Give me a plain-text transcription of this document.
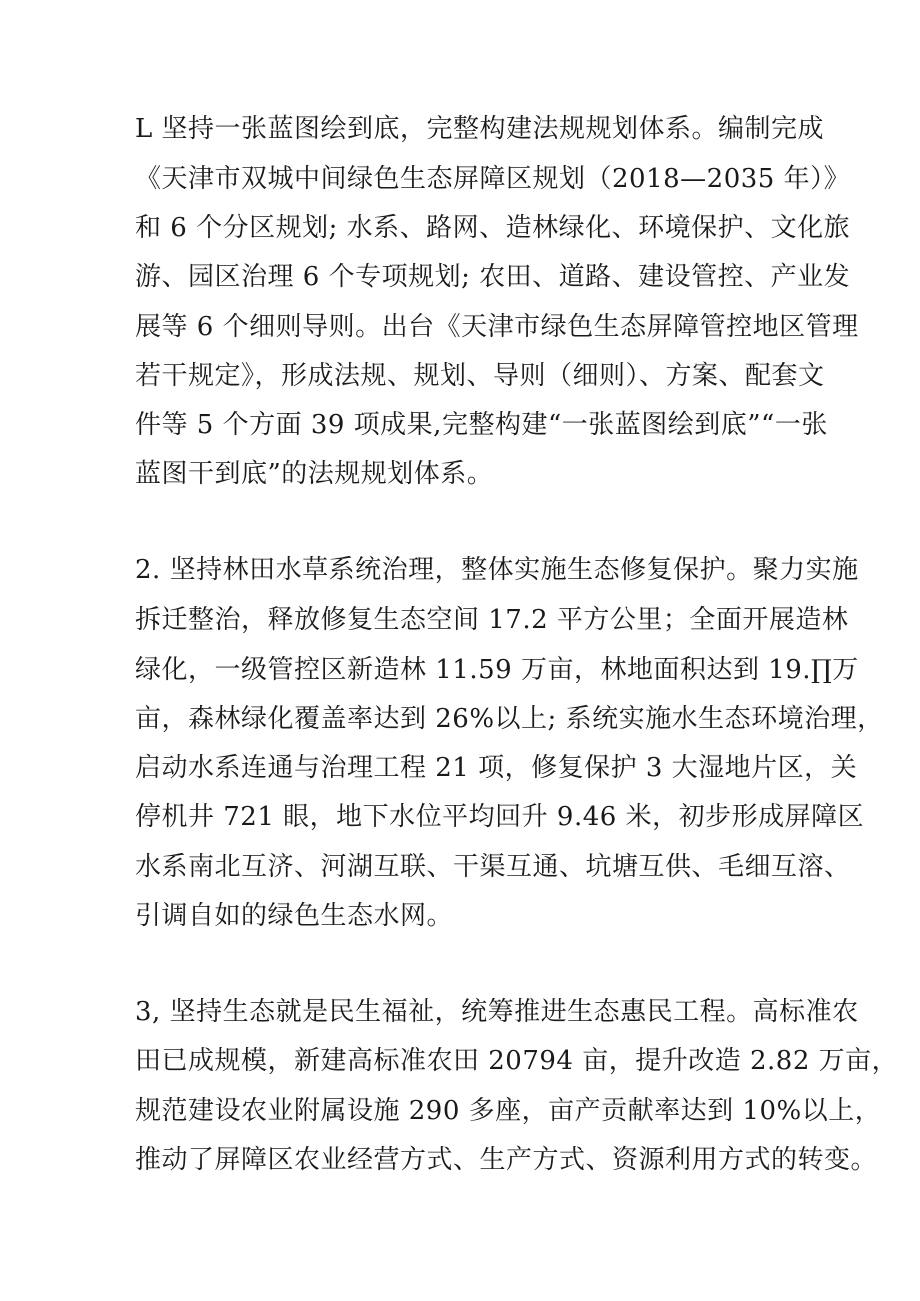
L 坚持一张蓝图绘到底，完整构建法规规划体系。编制完成
《天津市双城中间绿色生态屏障区规划（2018—2035 年）》
和 6 个分区规划; 水系、路网、造林绿化、环境保护、文化旅
游、园区治理 6 个专项规划; 农田、道路、建设管控、产业发
展等 6 个细则导则。出台《天津市绿色生态屏障管控地区管理
若干规定》，形成法规、规划、导则（细则）、方案、配套文
件等 5 个方面 39 项成果,完整构建“一张蓝图绘到底”“一张
蓝图干到底”的法规规划体系。
2. 坚持林田水草系统治理，整体实施生态修复保护。聚力实施
拆迁整治，释放修复生态空间 17.2 平方公里；全面开展造林
绿化，一级管控区新造林 11.59 万亩，林地面积达到 19.∏万
亩，森林绿化覆盖率达到 26%以上; 系统实施水生态环境治理，
启动水系连通与治理工程 21 项，修复保护 3 大湿地片区，关
停机井 721 眼，地下水位平均回升 9.46 米，初步形成屏障区
水系南北互济、河湖互联、干渠互通、坑塘互供、毛细互溶、
引调自如的绿色生态水网。
3, 坚持生态就是民生福祉，统筹推进生态惠民工程。高标准农
田已成规模，新建高标准农田 20794 亩，提升改造 2.82 万亩，
规范建设农业附属设施 290 多座，亩产贡献率达到 10%以上，
推动了屏障区农业经营方式、生产方式、资源利用方式的转变。
